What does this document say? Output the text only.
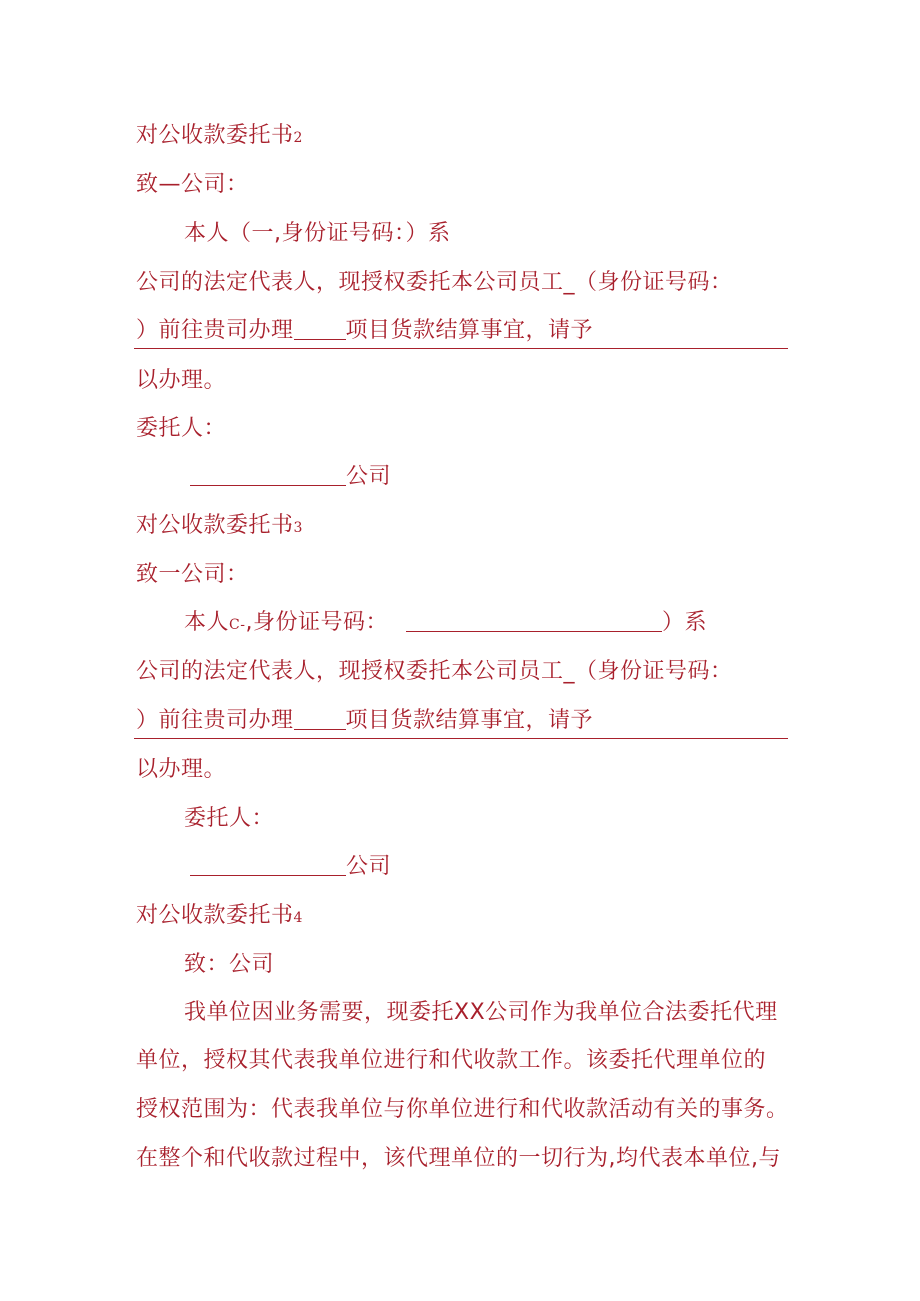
对公收款委托书2
致—公司：
本人（一,身份证号码：）系
公司的法定代表人，现授权委托本公司员工_（身份证号码：
）前往贵司办理 项目货款结算事宜，请予
以办理。
委托人：
公司
对公收款委托书3
致一公司：
本人C-,身份证号码：	）系
公司的法定代表人，现授权委托本公司员工_（身份证号码：
）前往贵司办理 项目货款结算事宜，请予
以办理。
委托人：
公司
对公收款委托书4
致：公司
我单位因业务需要，现委托XX公司作为我单位合法委托代理
单位，授权其代表我单位进行和代收款工作。该委托代理单位的
授权范围为：代表我单位与你单位进行和代收款活动有关的事务。
在整个和代收款过程中，该代理单位的一切行为,均代表本单位,与
